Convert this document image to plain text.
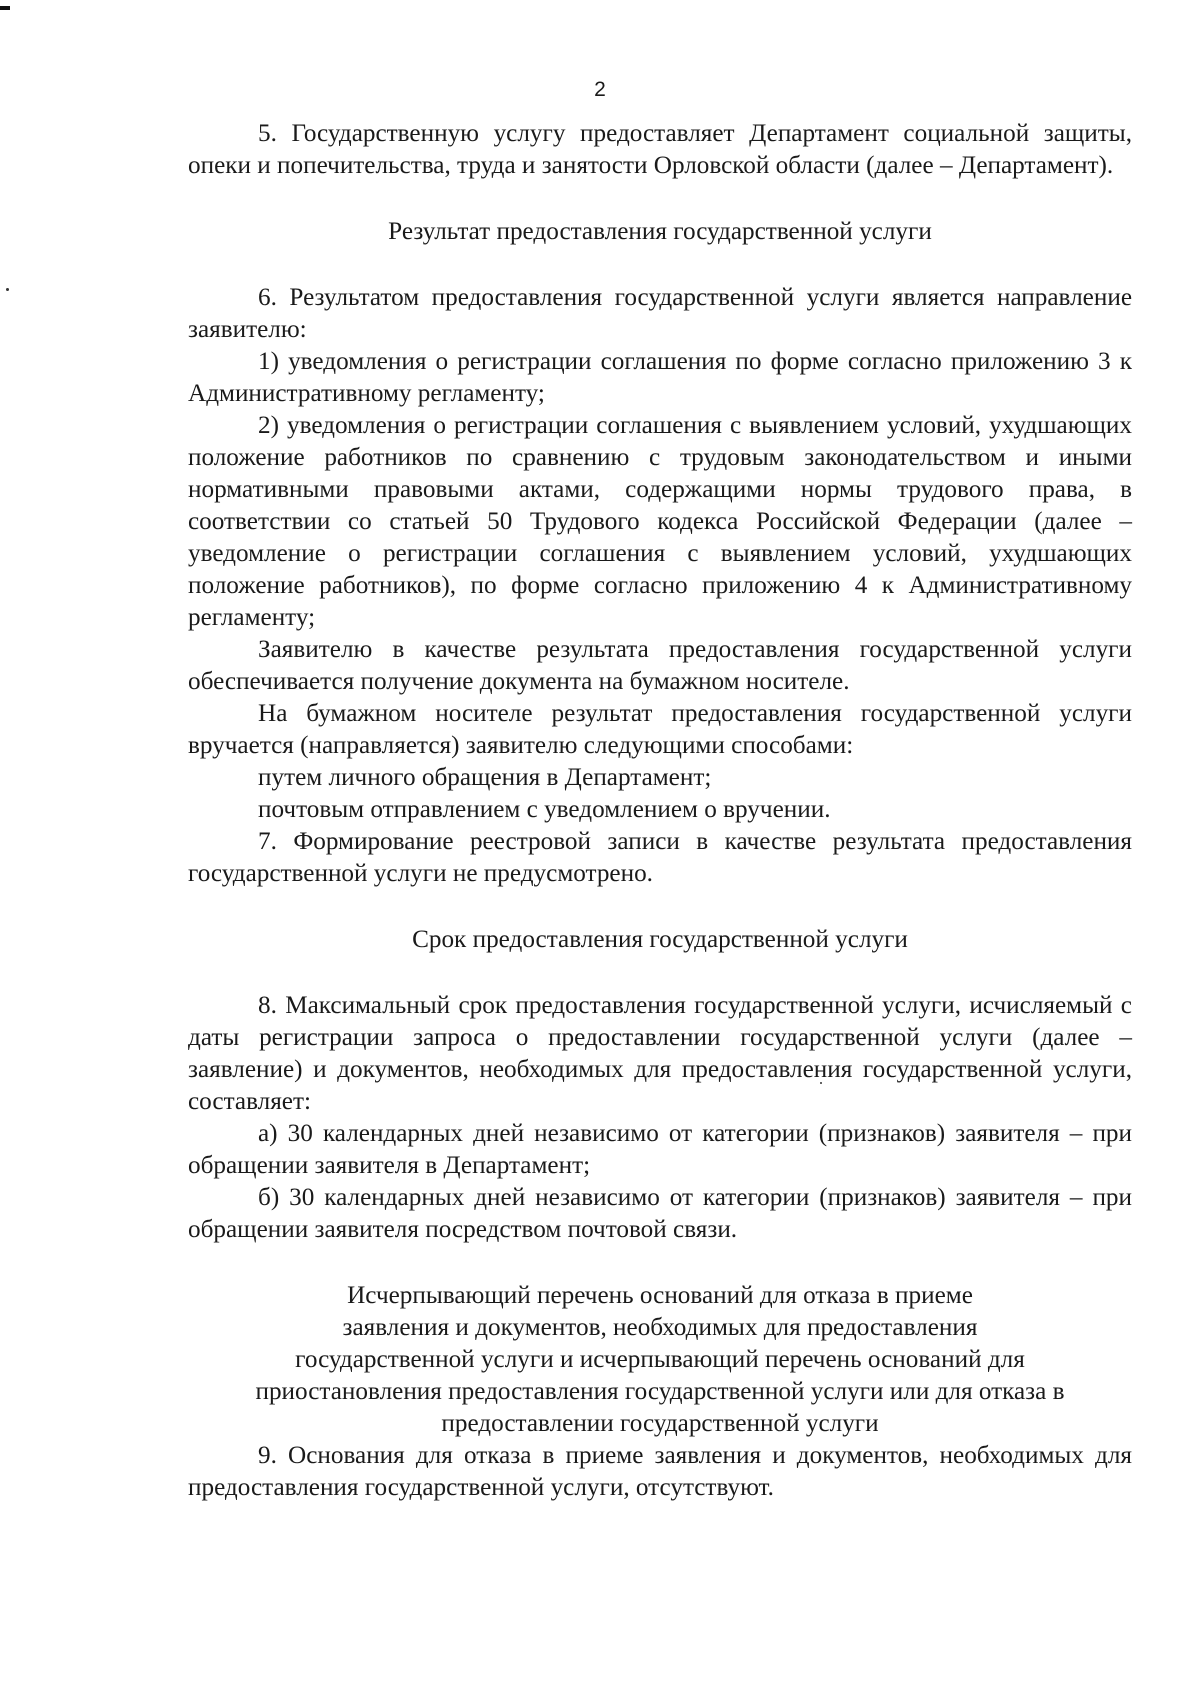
2

5. Государственную услугу предоставляет Департамент социальной защиты, опеки и попечительства, труда и занятости Орловской области (далее – Департамент).

Результат предоставления государственной услуги

6. Результатом предоставления государственной услуги является направление заявителю:

1) уведомления о регистрации соглашения по форме согласно приложению 3 к Административному регламенту;

2) уведомления о регистрации соглашения с выявлением условий, ухудшающих положение работников по сравнению с трудовым законодательством и иными нормативными правовыми актами, содержащими нормы трудового права, в соответствии со статьей 50 Трудового кодекса Российской Федерации (далее – уведомление о регистрации соглашения с выявлением условий, ухудшающих положение работников), по форме согласно приложению 4 к Административному регламенту;

Заявителю в качестве результата предоставления государственной услуги обеспечивается получение документа на бумажном носителе.

На бумажном носителе результат предоставления государственной услуги вручается (направляется) заявителю следующими способами:

путем личного обращения в Департамент;

почтовым отправлением с уведомлением о вручении.

7. Формирование реестровой записи в качестве результата предоставления государственной услуги не предусмотрено.

Срок предоставления государственной услуги

8. Максимальный срок предоставления государственной услуги, исчисляемый с даты регистрации запроса о предоставлении государственной услуги (далее – заявление) и документов, необходимых для предоставления государственной услуги, составляет:

а) 30 календарных дней независимо от категории (признаков) заявителя – при обращении заявителя в Департамент;

б) 30 календарных дней независимо от категории (признаков) заявителя – при обращении заявителя посредством почтовой связи.

Исчерпывающий перечень оснований для отказа в приеме

заявления и документов, необходимых для предоставления

государственной услуги и исчерпывающий перечень оснований для

приостановления предоставления государственной услуги или для отказа в

предоставлении государственной услуги

9. Основания для отказа в приеме заявления и документов, необходимых для предоставления государственной услуги, отсутствуют.
